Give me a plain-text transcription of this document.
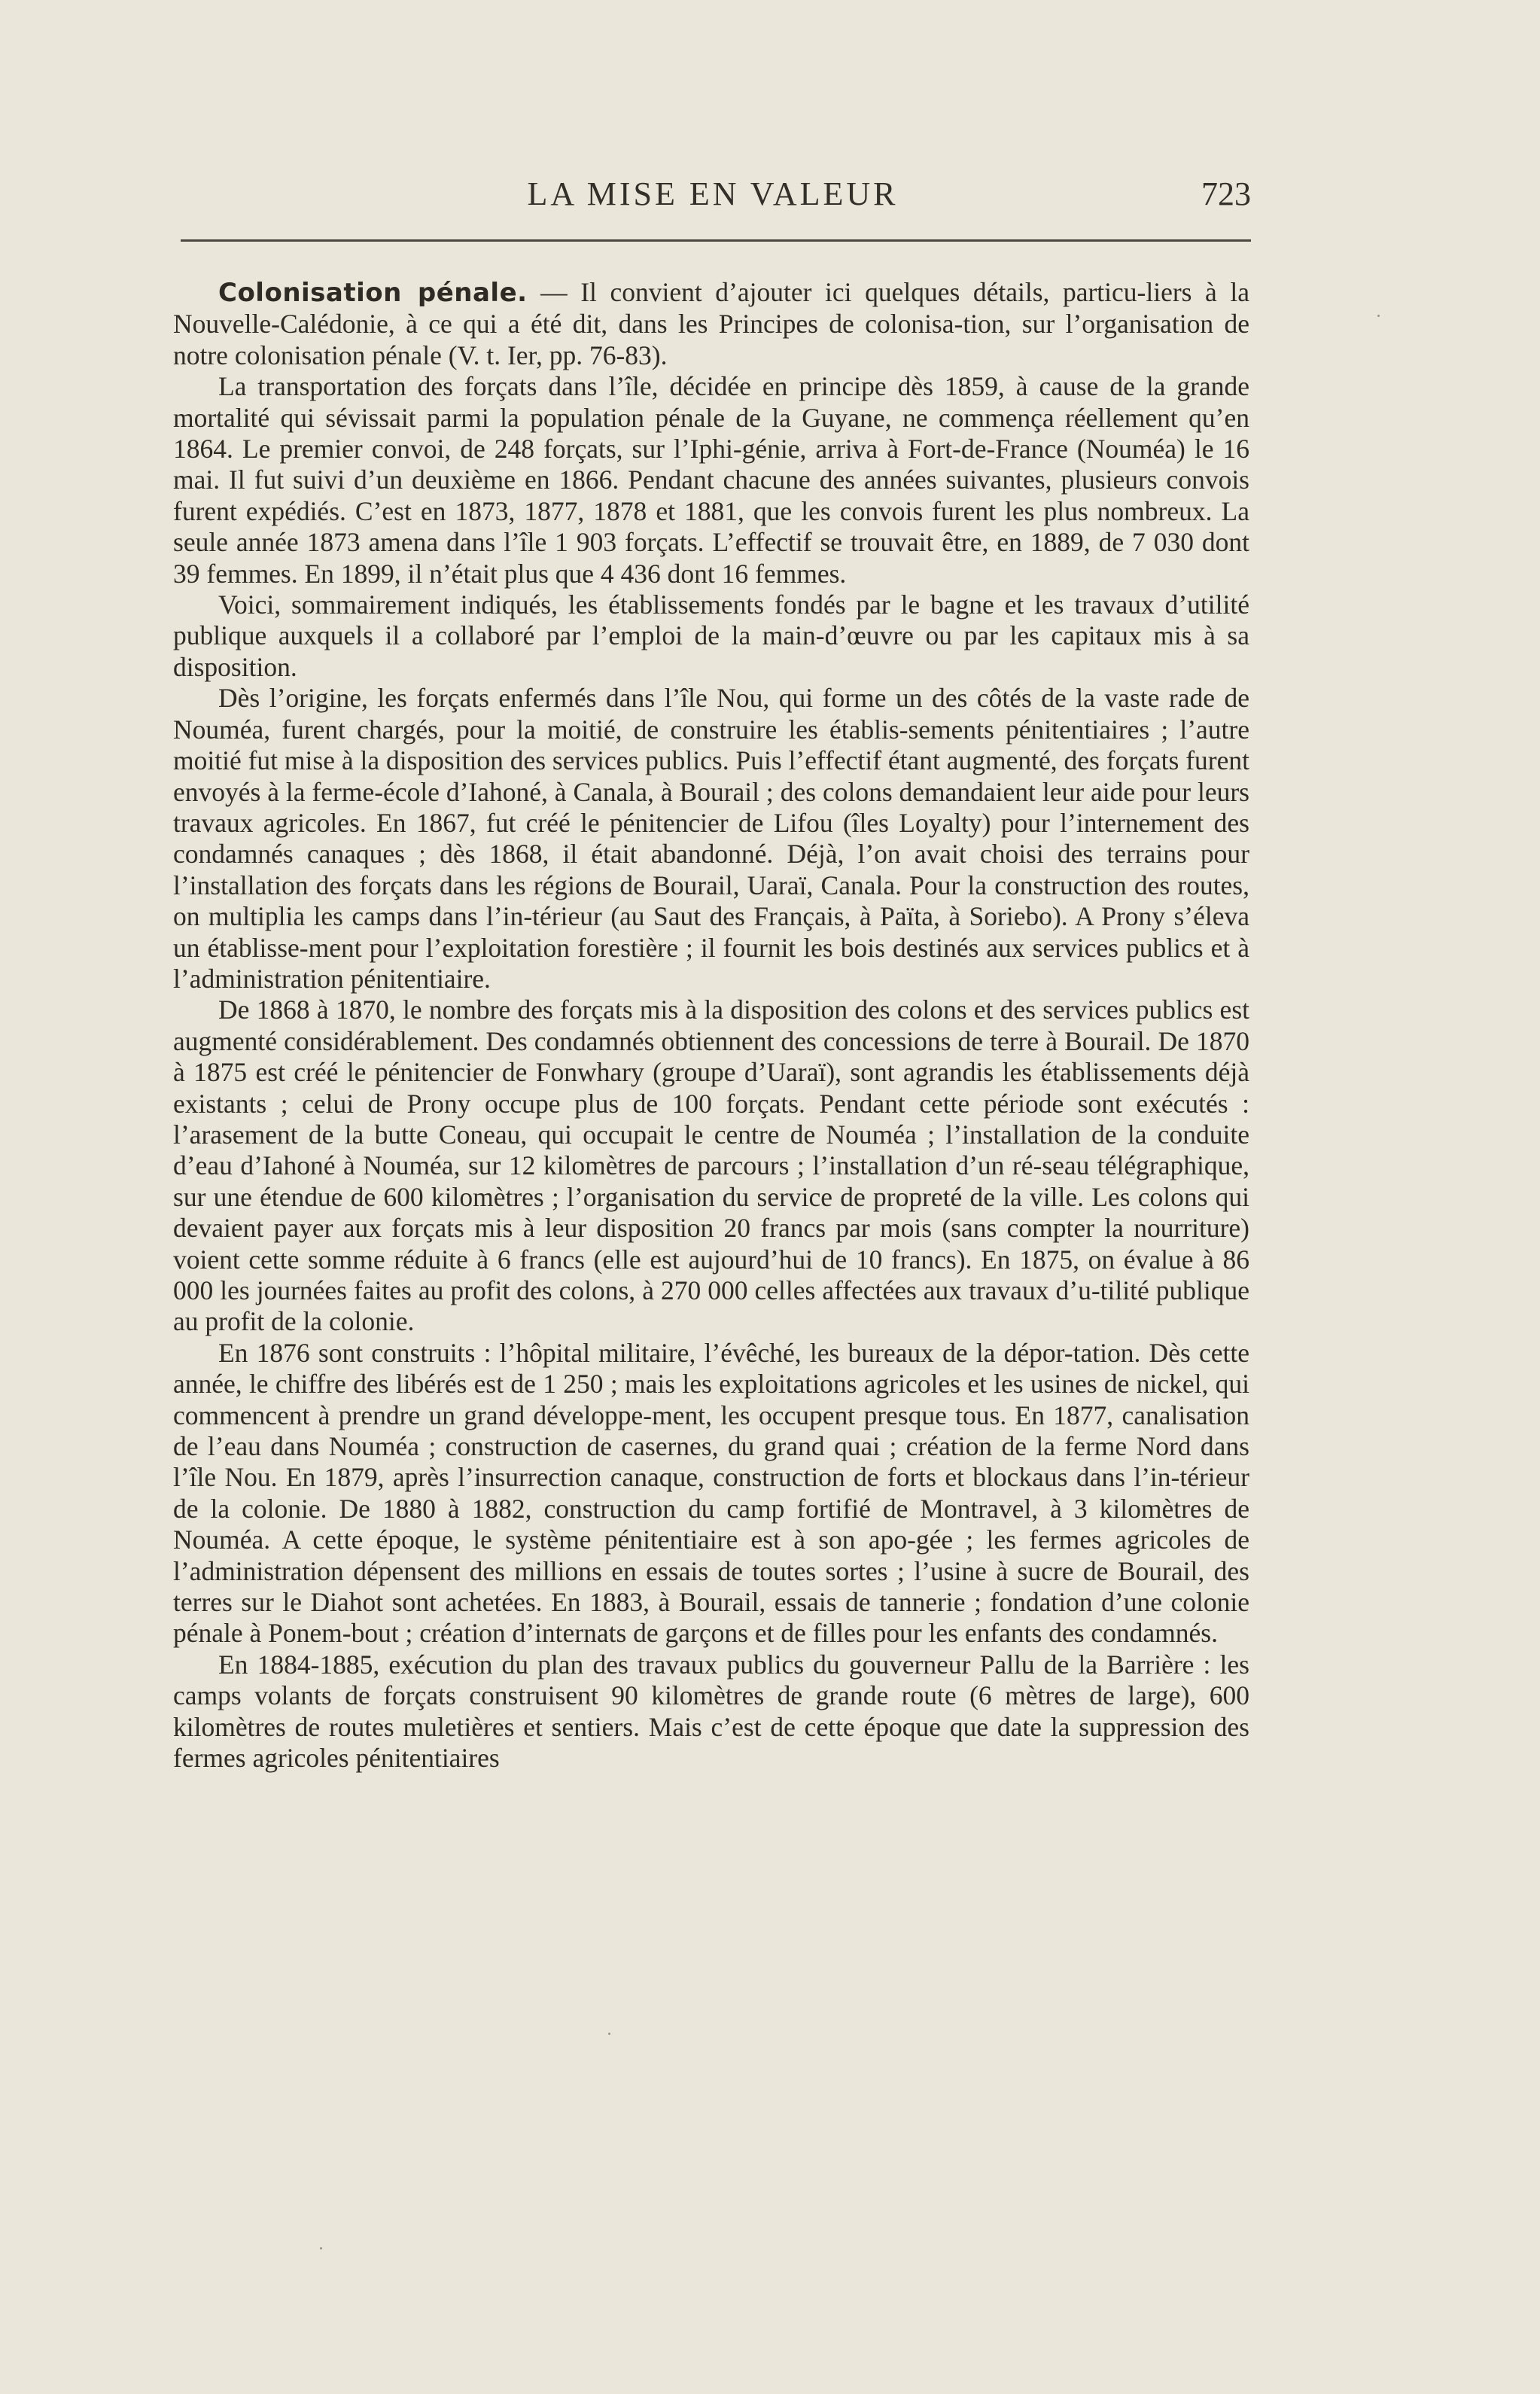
LA MISE EN VALEUR	723

Colonisation pénale. — Il convient d’ajouter ici quelques détails, particu-liers à la Nouvelle-Calédonie, à ce qui a été dit, dans les Principes de colonisa-tion, sur l’organisation de notre colonisation pénale (V. t. Ier, pp. 76-83).

La transportation des forçats dans l’île, décidée en principe dès 1859, à cause de la grande mortalité qui sévissait parmi la population pénale de la Guyane, ne commença réellement qu’en 1864. Le premier convoi, de 248 forçats, sur l’Iphi-génie, arriva à Fort-de-France (Nouméa) le 16 mai. Il fut suivi d’un deuxième en 1866. Pendant chacune des années suivantes, plusieurs convois furent expédiés. C’est en 1873, 1877, 1878 et 1881, que les convois furent les plus nombreux. La seule année 1873 amena dans l’île 1 903 forçats. L’effectif se trouvait être, en 1889, de 7 030 dont 39 femmes. En 1899, il n’était plus que 4 436 dont 16 femmes.

Voici, sommairement indiqués, les établissements fondés par le bagne et les travaux d’utilité publique auxquels il a collaboré par l’emploi de la main-d’œuvre ou par les capitaux mis à sa disposition.

Dès l’origine, les forçats enfermés dans l’île Nou, qui forme un des côtés de la vaste rade de Nouméa, furent chargés, pour la moitié, de construire les établis-sements pénitentiaires ; l’autre moitié fut mise à la disposition des services publics. Puis l’effectif étant augmenté, des forçats furent envoyés à la ferme-école d’Iahoné, à Canala, à Bourail ; des colons demandaient leur aide pour leurs travaux agricoles. En 1867, fut créé le pénitencier de Lifou (îles Loyalty) pour l’internement des condamnés canaques ; dès 1868, il était abandonné. Déjà, l’on avait choisi des terrains pour l’installation des forçats dans les régions de Bourail, Uaraï, Canala. Pour la construction des routes, on multiplia les camps dans l’in-térieur (au Saut des Français, à Païta, à Soriebo). A Prony s’éleva un établisse-ment pour l’exploitation forestière ; il fournit les bois destinés aux services publics et à l’administration pénitentiaire.

De 1868 à 1870, le nombre des forçats mis à la disposition des colons et des services publics est augmenté considérablement. Des condamnés obtiennent des concessions de terre à Bourail. De 1870 à 1875 est créé le pénitencier de Fonwhary (groupe d’Uaraï), sont agrandis les établissements déjà existants ; celui de Prony occupe plus de 100 forçats. Pendant cette période sont exécutés : l’arasement de la butte Coneau, qui occupait le centre de Nouméa ; l’installation de la conduite d’eau d’Iahoné à Nouméa, sur 12 kilomètres de parcours ; l’installation d’un ré-seau télégraphique, sur une étendue de 600 kilomètres ; l’organisation du service de propreté de la ville. Les colons qui devaient payer aux forçats mis à leur disposition 20 francs par mois (sans compter la nourriture) voient cette somme réduite à 6 francs (elle est aujourd’hui de 10 francs). En 1875, on évalue à 86 000 les journées faites au profit des colons, à 270 000 celles affectées aux travaux d’u-tilité publique au profit de la colonie.

En 1876 sont construits : l’hôpital militaire, l’évêché, les bureaux de la dépor-tation. Dès cette année, le chiffre des libérés est de 1 250 ; mais les exploitations agricoles et les usines de nickel, qui commencent à prendre un grand développe-ment, les occupent presque tous. En 1877, canalisation de l’eau dans Nouméa ; construction de casernes, du grand quai ; création de la ferme Nord dans l’île Nou. En 1879, après l’insurrection canaque, construction de forts et blockaus dans l’in-térieur de la colonie. De 1880 à 1882, construction du camp fortifié de Montravel, à 3 kilomètres de Nouméa. A cette époque, le système pénitentiaire est à son apo-gée ; les fermes agricoles de l’administration dépensent des millions en essais de toutes sortes ; l’usine à sucre de Bourail, des terres sur le Diahot sont achetées. En 1883, à Bourail, essais de tannerie ; fondation d’une colonie pénale à Ponem-bout ; création d’internats de garçons et de filles pour les enfants des condamnés.

En 1884-1885, exécution du plan des travaux publics du gouverneur Pallu de la Barrière : les camps volants de forçats construisent 90 kilomètres de grande route (6 mètres de large), 600 kilomètres de routes muletières et sentiers. Mais c’est de cette époque que date la suppression des fermes agricoles pénitentiaires
